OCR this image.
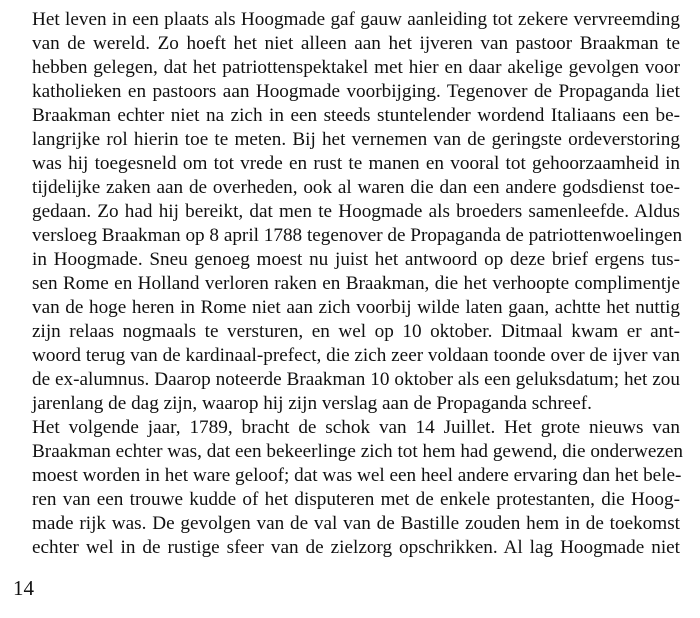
Het leven in een plaats als Hoogmade gaf gauw aanleiding tot zekere vervreemding
van de wereld. Zo hoeft het niet alleen aan het ijveren van pastoor Braakman te
hebben gelegen, dat het patriottenspektakel met hier en daar akelige gevolgen voor
katholieken en pastoors aan Hoogmade voorbijging. Tegenover de Propaganda liet
Braakman echter niet na zich in een steeds stuntelender wordend Italiaans een be-
langrijke rol hierin toe te meten. Bij het vernemen van de geringste ordeverstoring
was hij toegesneld om tot vrede en rust te manen en vooral tot gehoorzaamheid in
tijdelijke zaken aan de overheden, ook al waren die dan een andere godsdienst toe-
gedaan. Zo had hij bereikt, dat men te Hoogmade als broeders samenleefde. Aldus
versloeg Braakman op 8 april 1788 tegenover de Propaganda de patriottenwoelingen
in Hoogmade. Sneu genoeg moest nu juist het antwoord op deze brief ergens tus-
sen Rome en Holland verloren raken en Braakman, die het verhoopte complimentje
van de hoge heren in Rome niet aan zich voorbij wilde laten gaan, achtte het nuttig
zijn relaas nogmaals te versturen, en wel op 10 oktober. Ditmaal kwam er ant-
woord terug van de kardinaal-prefect, die zich zeer voldaan toonde over de ijver van
de ex-alumnus. Daarop noteerde Braakman 10 oktober als een geluksdatum; het zou
jarenlang de dag zijn, waarop hij zijn verslag aan de Propaganda schreef.
Het volgende jaar, 1789, bracht de schok van 14 Juillet. Het grote nieuws van
Braakman echter was, dat een bekeerlinge zich tot hem had gewend, die onderwezen
moest worden in het ware geloof; dat was wel een heel andere ervaring dan het bele-
ren van een trouwe kudde of het disputeren met de enkele protestanten, die Hoog-
made rijk was. De gevolgen van de val van de Bastille zouden hem in de toekomst
echter wel in de rustige sfeer van de zielzorg opschrikken. Al lag Hoogmade niet
14
